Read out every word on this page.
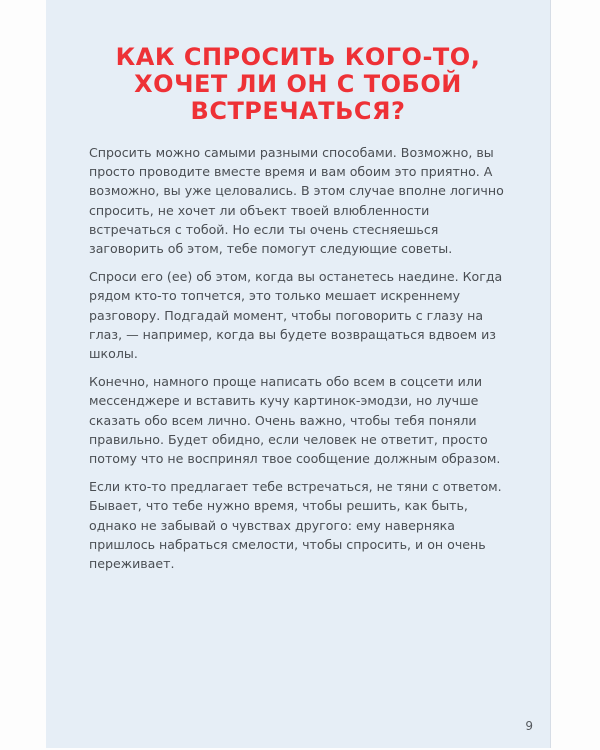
КАК СПРОСИТЬ КОГО-ТО,
ХОЧЕТ ЛИ ОН С ТОБОЙ
ВСТРЕЧАТЬСЯ?

Спросить можно самыми разными способами. Возможно, вы просто проводите вместе время и вам обоим это приятно. А возможно, вы уже целовались. В этом случае вполне логично спросить, не хочет ли объект твоей влюбленности встречаться с тобой. Но если ты очень стесняешься заговорить об этом, тебе помогут следующие советы.

Спроси его (ее) об этом, когда вы останетесь наедине. Когда рядом кто-то топчется, это только мешает искреннему разговору. Подгадай момент, чтобы поговорить с глазу на глаз, — например, когда вы будете возвращаться вдвоем из школы.

Конечно, намного проще написать обо всем в соцсети или мессенджере и вставить кучу картинок-эмодзи, но лучше сказать обо всем лично. Очень важно, чтобы тебя поняли правильно. Будет обидно, если человек не ответит, просто потому что не воспринял твое сообщение должным образом.

Если кто-то предлагает тебе встречаться, не тяни с ответом. Бывает, что тебе нужно время, чтобы решить, как быть, однако не забывай о чувствах другого: ему наверняка пришлось набраться смелости, чтобы спросить, и он очень переживает.

9
